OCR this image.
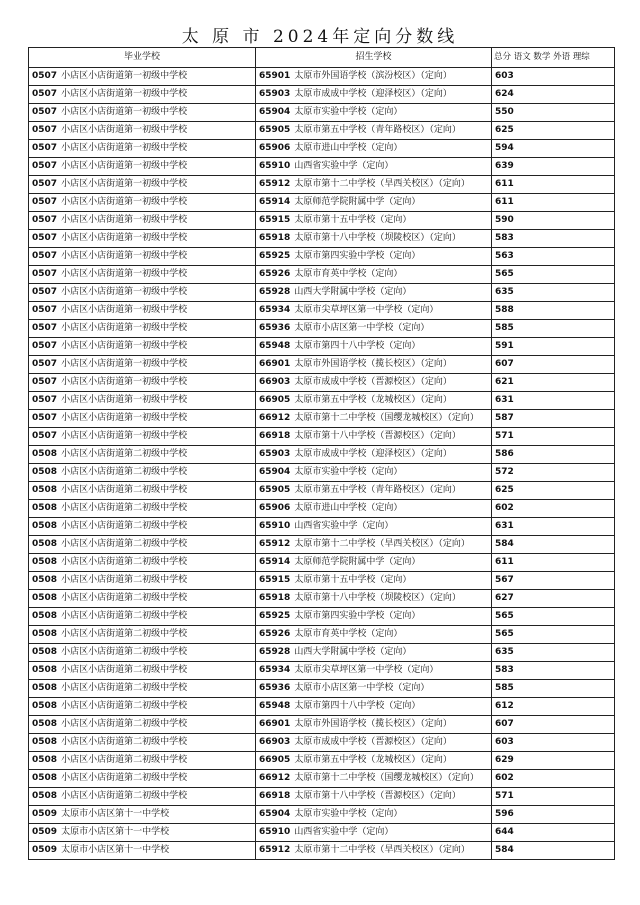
太 原 市 2024年定向分数线
毕业学校	招生学校	总分 语文 数学 外语 理综
0507 小店区小店街道第一初级中学校	65901 太原市外国语学校（滨汾校区）（定向）	603
0507 小店区小店街道第一初级中学校	65903 太原市成成中学校（迎泽校区）（定向）	624
0507 小店区小店街道第一初级中学校	65904 太原市实验中学校（定向）	550
0507 小店区小店街道第一初级中学校	65905 太原市第五中学校（青年路校区）（定向）	625
0507 小店区小店街道第一初级中学校	65906 太原市进山中学校（定向）	594
0507 小店区小店街道第一初级中学校	65910 山西省实验中学（定向）	639
0507 小店区小店街道第一初级中学校	65912 太原市第十二中学校（旱西关校区）（定向）	611
0507 小店区小店街道第一初级中学校	65914 太原师范学院附属中学（定向）	611
0507 小店区小店街道第一初级中学校	65915 太原市第十五中学校（定向）	590
0507 小店区小店街道第一初级中学校	65918 太原市第十八中学校（坝陵校区）（定向）	583
0507 小店区小店街道第一初级中学校	65925 太原市第四实验中学校（定向）	563
0507 小店区小店街道第一初级中学校	65926 太原市育英中学校（定向）	565
0507 小店区小店街道第一初级中学校	65928 山西大学附属中学校（定向）	635
0507 小店区小店街道第一初级中学校	65934 太原市尖草坪区第一中学校（定向）	588
0507 小店区小店街道第一初级中学校	65936 太原市小店区第一中学校（定向）	585
0507 小店区小店街道第一初级中学校	65948 太原市第四十八中学校（定向）	591
0507 小店区小店街道第一初级中学校	66901 太原市外国语学校（揽长校区）（定向）	607
0507 小店区小店街道第一初级中学校	66903 太原市成成中学校（晋源校区）（定向）	621
0507 小店区小店街道第一初级中学校	66905 太原市第五中学校（龙城校区）（定向）	631
0507 小店区小店街道第一初级中学校	66912 太原市第十二中学校（国缨龙城校区）（定向）	587
0507 小店区小店街道第一初级中学校	66918 太原市第十八中学校（晋源校区）（定向）	571
0508 小店区小店街道第二初级中学校	65903 太原市成成中学校（迎泽校区）（定向）	586
0508 小店区小店街道第二初级中学校	65904 太原市实验中学校（定向）	572
0508 小店区小店街道第二初级中学校	65905 太原市第五中学校（青年路校区）（定向）	625
0508 小店区小店街道第二初级中学校	65906 太原市进山中学校（定向）	602
0508 小店区小店街道第二初级中学校	65910 山西省实验中学（定向）	631
0508 小店区小店街道第二初级中学校	65912 太原市第十二中学校（旱西关校区）（定向）	584
0508 小店区小店街道第二初级中学校	65914 太原师范学院附属中学（定向）	611
0508 小店区小店街道第二初级中学校	65915 太原市第十五中学校（定向）	567
0508 小店区小店街道第二初级中学校	65918 太原市第十八中学校（坝陵校区）（定向）	627
0508 小店区小店街道第二初级中学校	65925 太原市第四实验中学校（定向）	565
0508 小店区小店街道第二初级中学校	65926 太原市育英中学校（定向）	565
0508 小店区小店街道第二初级中学校	65928 山西大学附属中学校（定向）	635
0508 小店区小店街道第二初级中学校	65934 太原市尖草坪区第一中学校（定向）	583
0508 小店区小店街道第二初级中学校	65936 太原市小店区第一中学校（定向）	585
0508 小店区小店街道第二初级中学校	65948 太原市第四十八中学校（定向）	612
0508 小店区小店街道第二初级中学校	66901 太原市外国语学校（揽长校区）（定向）	607
0508 小店区小店街道第二初级中学校	66903 太原市成成中学校（晋源校区）（定向）	603
0508 小店区小店街道第二初级中学校	66905 太原市第五中学校（龙城校区）（定向）	629
0508 小店区小店街道第二初级中学校	66912 太原市第十二中学校（国缨龙城校区）（定向）	602
0508 小店区小店街道第二初级中学校	66918 太原市第十八中学校（晋源校区）（定向）	571
0509 太原市小店区第十一中学校	65904 太原市实验中学校（定向）	596
0509 太原市小店区第十一中学校	65910 山西省实验中学（定向）	644
0509 太原市小店区第十一中学校	65912 太原市第十二中学校（旱西关校区）（定向）	584
